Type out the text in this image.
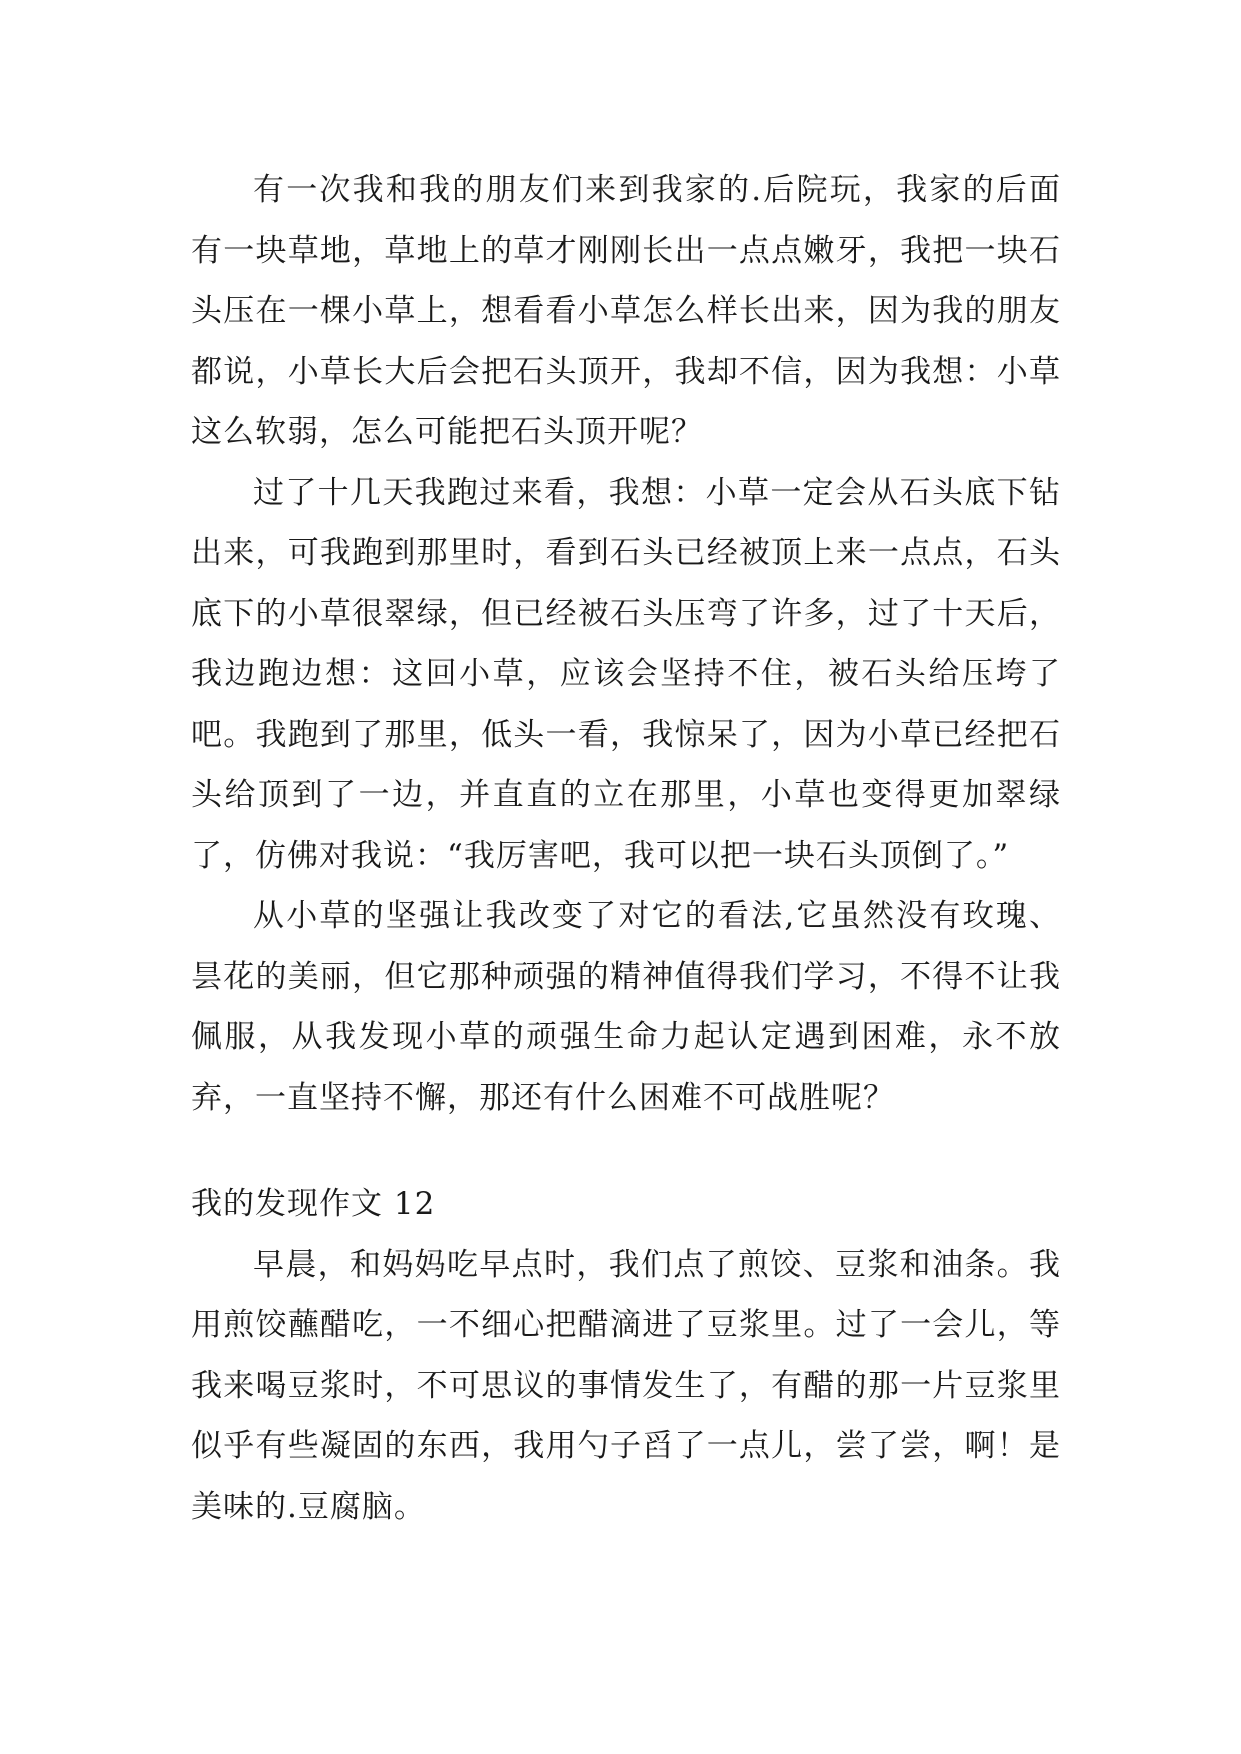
有一次我和我的朋友们来到我家的.后院玩，我家的后面有一块草地，草地上的草才刚刚长出一点点嫩牙，我把一块石头压在一棵小草上，想看看小草怎么样长出来，因为我的朋友都说，小草长大后会把石头顶开，我却不信，因为我想：小草这么软弱，怎么可能把石头顶开呢？

过了十几天我跑过来看，我想：小草一定会从石头底下钻出来，可我跑到那里时，看到石头已经被顶上来一点点，石头底下的小草很翠绿，但已经被石头压弯了许多，过了十天后，我边跑边想：这回小草，应该会坚持不住，被石头给压垮了吧。我跑到了那里，低头一看，我惊呆了，因为小草已经把石头给顶到了一边，并直直的立在那里，小草也变得更加翠绿了，仿佛对我说：“我厉害吧，我可以把一块石头顶倒了。”

从小草的坚强让我改变了对它的看法,它虽然没有玫瑰、昙花的美丽，但它那种顽强的精神值得我们学习，不得不让我佩服，从我发现小草的顽强生命力起认定遇到困难，永不放弃，一直坚持不懈，那还有什么困难不可战胜呢？

我的发现作文 12

早晨，和妈妈吃早点时，我们点了煎饺、豆浆和油条。我用煎饺蘸醋吃，一不细心把醋滴进了豆浆里。过了一会儿，等我来喝豆浆时，不可思议的事情发生了，有醋的那一片豆浆里似乎有些凝固的东西，我用勺子舀了一点儿，尝了尝，啊！是美味的.豆腐脑。
